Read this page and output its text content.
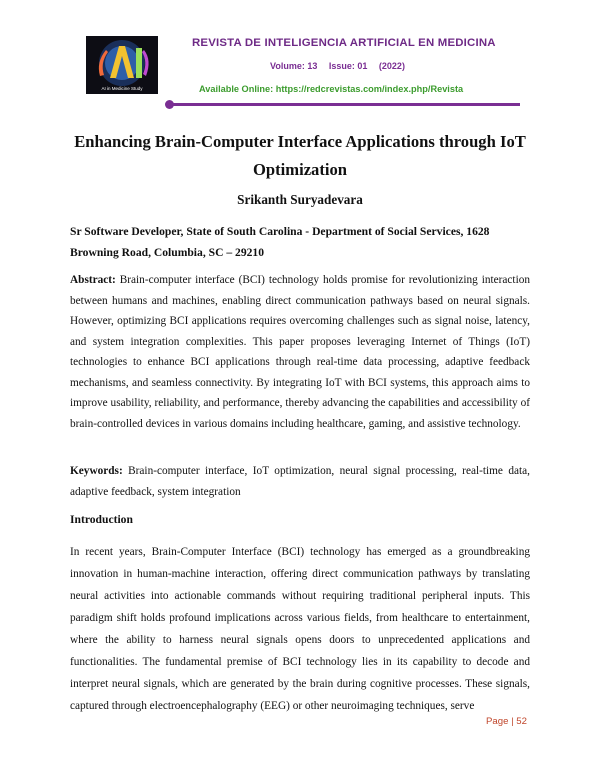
AI in Medicine Study
REVISTA DE INTELIGENCIA ARTIFICIAL EN MEDICINA
Volume: 13 Issue: 01 (2022)
Available Online: https://redcrevistas.com/index.php/Revista
Enhancing Brain-Computer Interface Applications through IoT Optimization
Srikanth Suryadevara
Sr Software Developer, State of South Carolina - Department of Social Services, 1628 Browning Road, Columbia, SC – 29210
Abstract: Brain-computer interface (BCI) technology holds promise for revolutionizing interaction between humans and machines, enabling direct communication pathways based on neural signals. However, optimizing BCI applications requires overcoming challenges such as signal noise, latency, and system integration complexities. This paper proposes leveraging Internet of Things (IoT) technologies to enhance BCI applications through real-time data processing, adaptive feedback mechanisms, and seamless connectivity. By integrating IoT with BCI systems, this approach aims to improve usability, reliability, and performance, thereby advancing the capabilities and accessibility of brain-controlled devices in various domains including healthcare, gaming, and assistive technology.
Keywords: Brain-computer interface, IoT optimization, neural signal processing, real-time data, adaptive feedback, system integration
Introduction
In recent years, Brain-Computer Interface (BCI) technology has emerged as a groundbreaking innovation in human-machine interaction, offering direct communication pathways by translating neural activities into actionable commands without requiring traditional peripheral inputs. This paradigm shift holds profound implications across various fields, from healthcare to entertainment, where the ability to harness neural signals opens doors to unprecedented applications and functionalities. The fundamental premise of BCI technology lies in its capability to decode and interpret neural signals, which are generated by the brain during cognitive processes. These signals, captured through electroencephalography (EEG) or other neuroimaging techniques, serve
Page | 52
